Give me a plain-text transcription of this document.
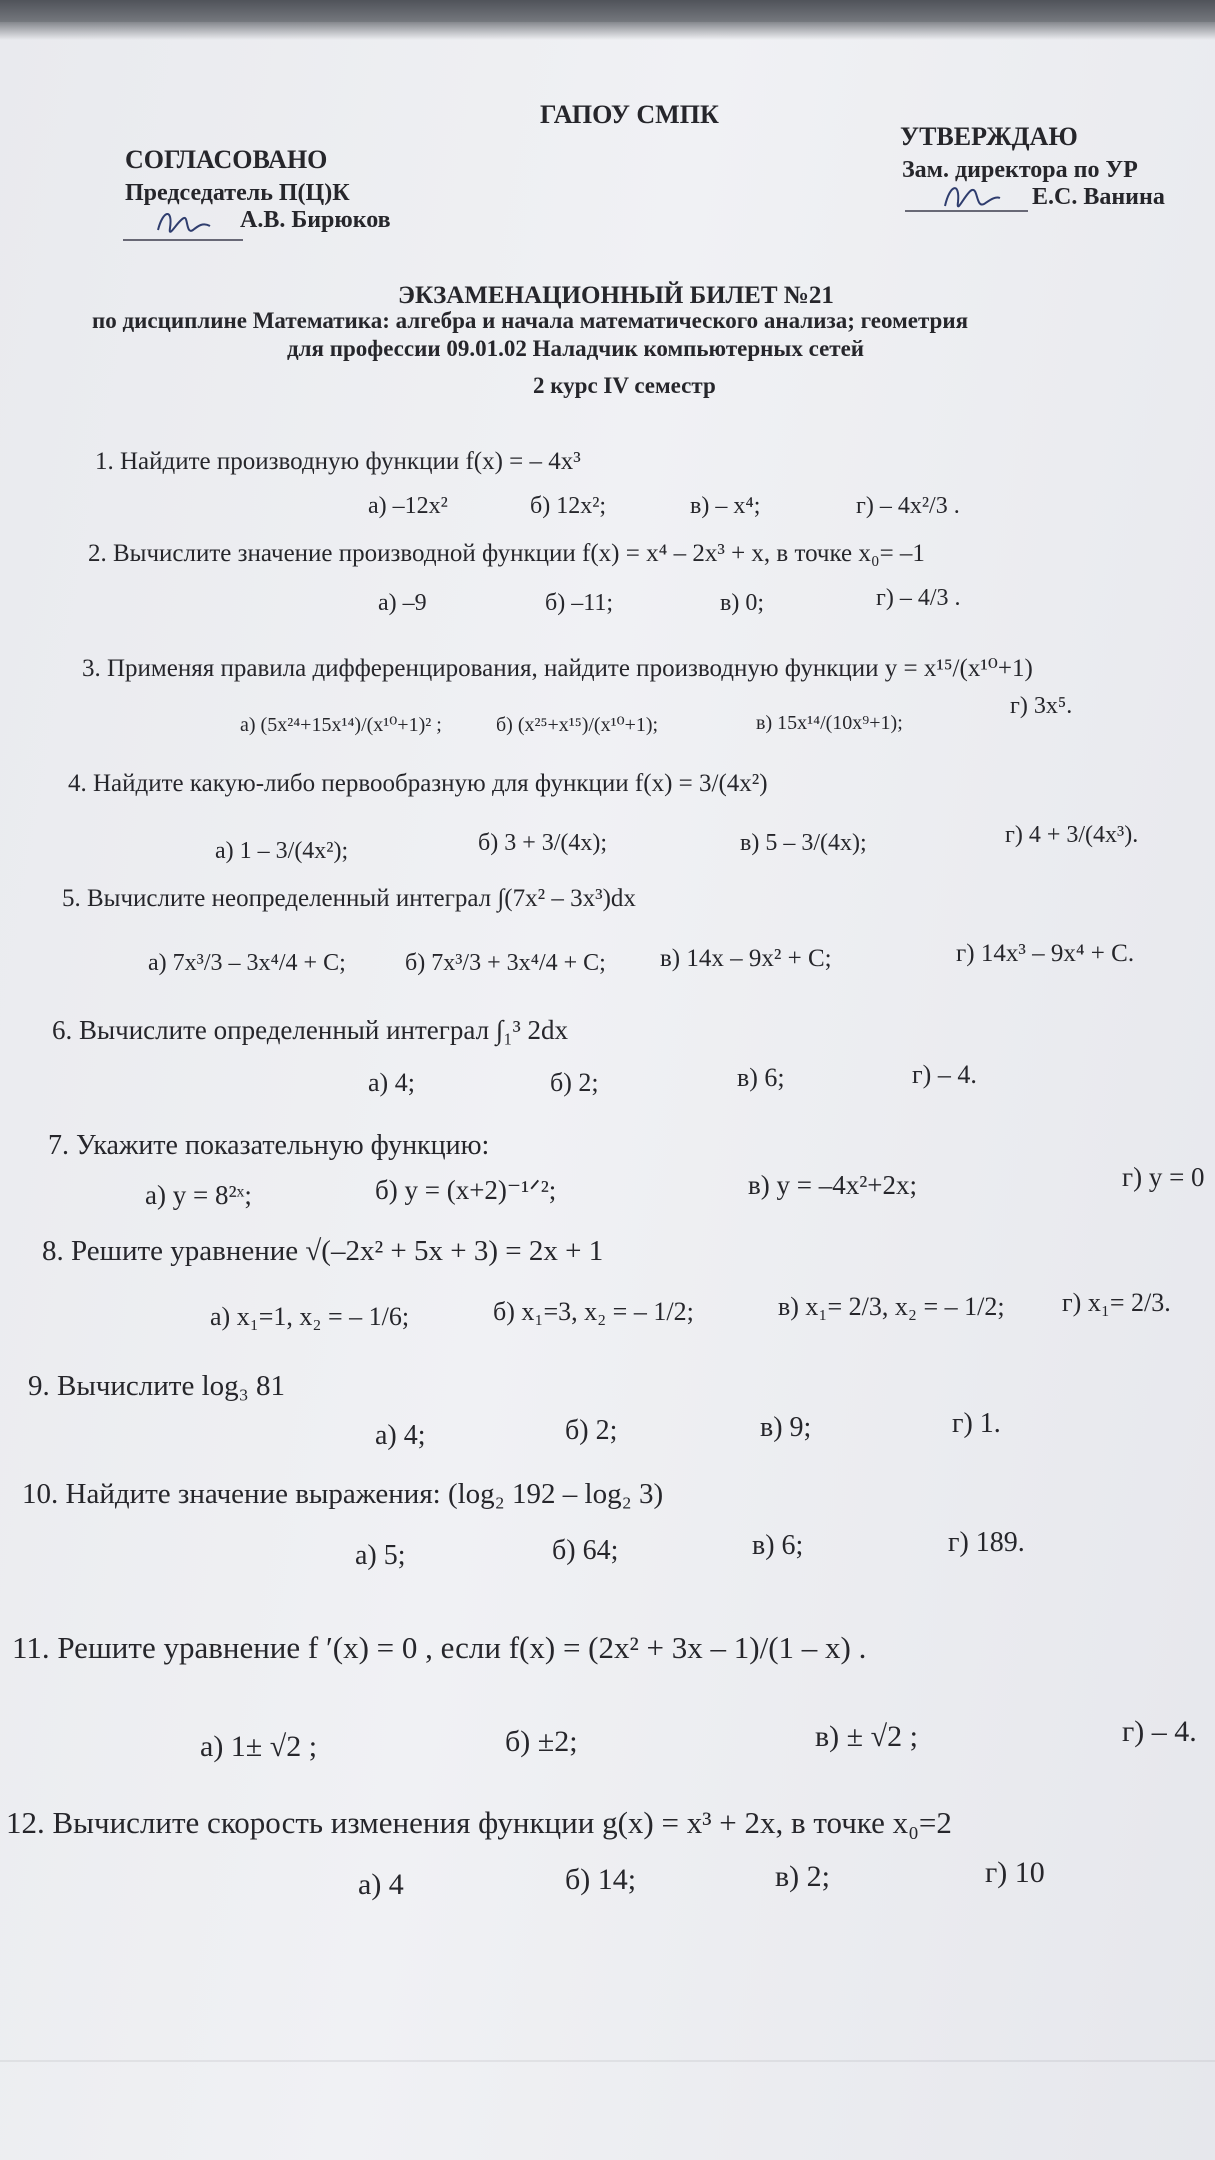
ГАПОУ СМПК
СОГЛАСОВАНО
Председатель П(Ц)К
А.В. Бирюков
УТВЕРЖДАЮ
Зам. директора по УР
Е.С. Ванина
ЭКЗАМЕНАЦИОННЫЙ БИЛЕТ №21
по дисциплине Математика: алгебра и начала математического анализа; геометрия
для профессии 09.01.02 Наладчик компьютерных сетей
2 курс IV семестр
1. Найдите производную функции f(x) = – 4x³
а) –12x²	б) 12x²;	в) – x⁴;	г) – 4x²/3 .
2. Вычислите значение производной функции f(x) = x⁴ – 2x³ + x, в точке x₀= –1
а) –9	б) –11;	в) 0;	г) – 4/3 .
3. Применяя правила дифференцирования, найдите производную функции y = x¹⁵/(x¹⁰+1)
а) (5x²⁴+15x¹⁴)/(x¹⁰+1)² ;	б) (x²⁵+x¹⁵)/(x¹⁰+1);	в) 15x¹⁴/(10x⁹+1);
г) 3x⁵.
4. Найдите какую-либо первообразную для функции f(x) = 3/(4x²)
а) 1 – 3/(4x²);	б) 3 + 3/(4x);	в) 5 – 3/(4x);	г) 4 + 3/(4x³).
5. Вычислите неопределенный интеграл ∫(7x² – 3x³)dx
а) 7x³/3 – 3x⁴/4 + C; б) 7x³/3 + 3x⁴/4 + C; в) 14x – 9x² + C;	г) 14x³ – 9x⁴ + C.
6. Вычислите определенный интеграл ∫₁³ 2dx
а) 4;	б) 2;	в) 6;	г) – 4.
7. Укажите показательную функцию:
а) y = 8²ˣ;	б) y = (x+2)⁻¹ᐟ²;	в) y = –4x²+2x;	г) y = 0
8. Решите уравнение √(–2x² + 5x + 3) = 2x + 1
а) x₁=1, x₂ = – 1/6;	б) x₁=3, x₂ = – 1/2;	в) x₁= 2/3, x₂ = – 1/2; г) x₁= 2/3.
9. Вычислите log₃ 81
а) 4;	б) 2;	в) 9;	г) 1.
10. Найдите значение выражения: (log₂ 192 – log₂ 3)
а) 5;	б) 64;	в) 6;	г) 189.
11. Решите уравнение f ′(x) = 0 , если f(x) = (2x² + 3x – 1)/(1 – x) .
а) 1± √2 ;	б) ±2;	в) ± √2 ;	г) – 4.
12. Вычислите скорость изменения функции g(x) = x³ + 2x, в точке x₀=2
а) 4	б) 14;	в) 2;	г) 10
